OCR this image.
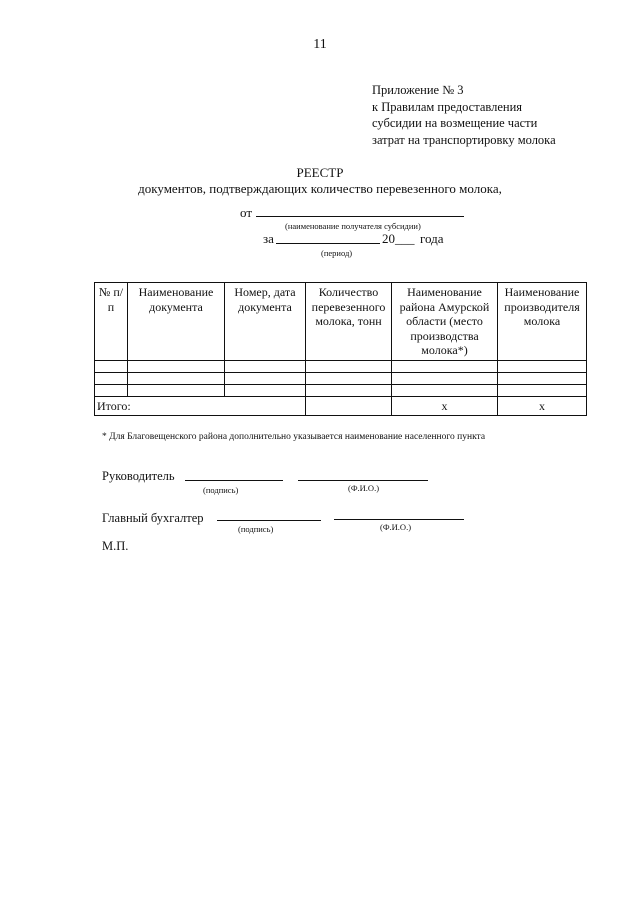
11
Приложение № 3
к Правилам предоставления
субсидии на возмещение части
затрат на транспортировку молока
РЕЕСТР
документов, подтверждающих количество перевезенного молока,
от
(наименование получателя субсидии)
за	20___ года
(период)
№ п/п	Наименование документа	Номер, дата документа	Количество перевезенного молока, тонн	Наименование района Амурской области (место производства молока*)	Наименование производителя молока

Итого:				х	х
* Для Благовещенского района дополнительно указывается наименование населенного пункта
Руководитель
(подпись)	(Ф.И.О.)
Главный бухгалтер
(подпись)	(Ф.И.О.)
М.П.
